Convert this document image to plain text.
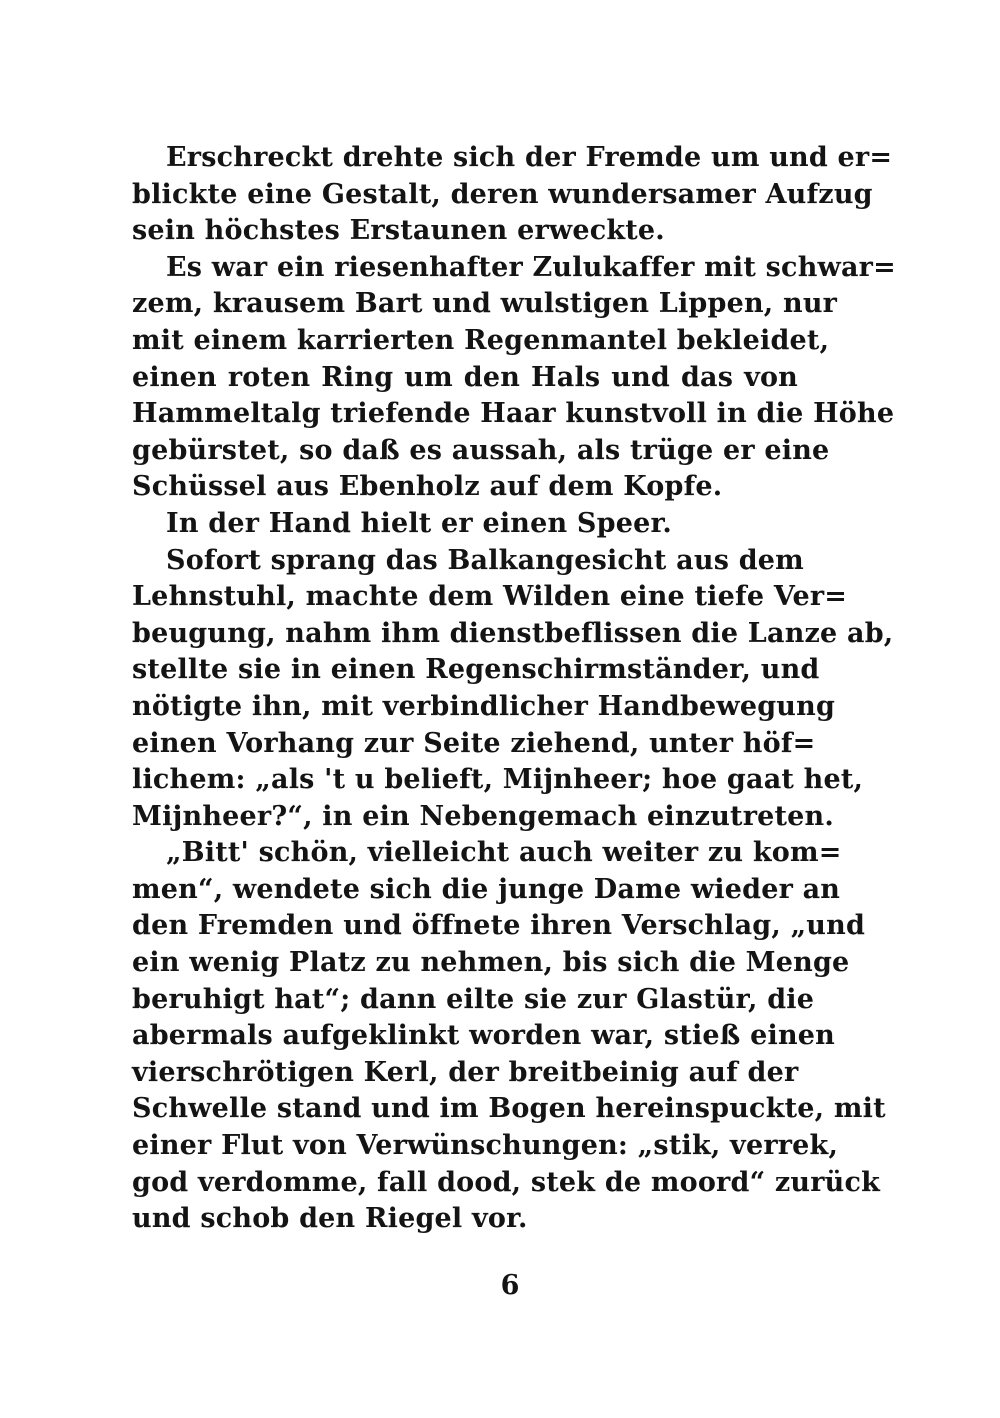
Erschreckt drehte sich der Fremde um und er=
blickte eine Gestalt, deren wundersamer Aufzug
sein höchstes Erstaunen erweckte.
Es war ein riesenhafter Zulukaffer mit schwar=
zem, krausem Bart und wulstigen Lippen, nur
mit einem karrierten Regenmantel bekleidet,
einen roten Ring um den Hals und das von
Hammeltalg triefende Haar kunstvoll in die Höhe
gebürstet, so daß es aussah, als trüge er eine
Schüssel aus Ebenholz auf dem Kopfe.
In der Hand hielt er einen Speer.
Sofort sprang das Balkangesicht aus dem
Lehnstuhl, machte dem Wilden eine tiefe Ver=
beugung, nahm ihm dienstbeflissen die Lanze ab,
stellte sie in einen Regenschirmständer, und
nötigte ihn, mit verbindlicher Handbewegung
einen Vorhang zur Seite ziehend, unter höf=
lichem: „als 't u belieft, Mijnheer; hoe gaat het,
Mijnheer?“, in ein Nebengemach einzutreten.
„Bitt' schön, vielleicht auch weiter zu kom=
men“, wendete sich die junge Dame wieder an
den Fremden und öffnete ihren Verschlag, „und
ein wenig Platz zu nehmen, bis sich die Menge
beruhigt hat“; dann eilte sie zur Glastür, die
abermals aufgeklinkt worden war, stieß einen
vierschrötigen Kerl, der breitbeinig auf der
Schwelle stand und im Bogen hereinspuckte, mit
einer Flut von Verwünschungen: „stik, verrek,
god verdomme, fall dood, stek de moord“ zurück
und schob den Riegel vor.
6
